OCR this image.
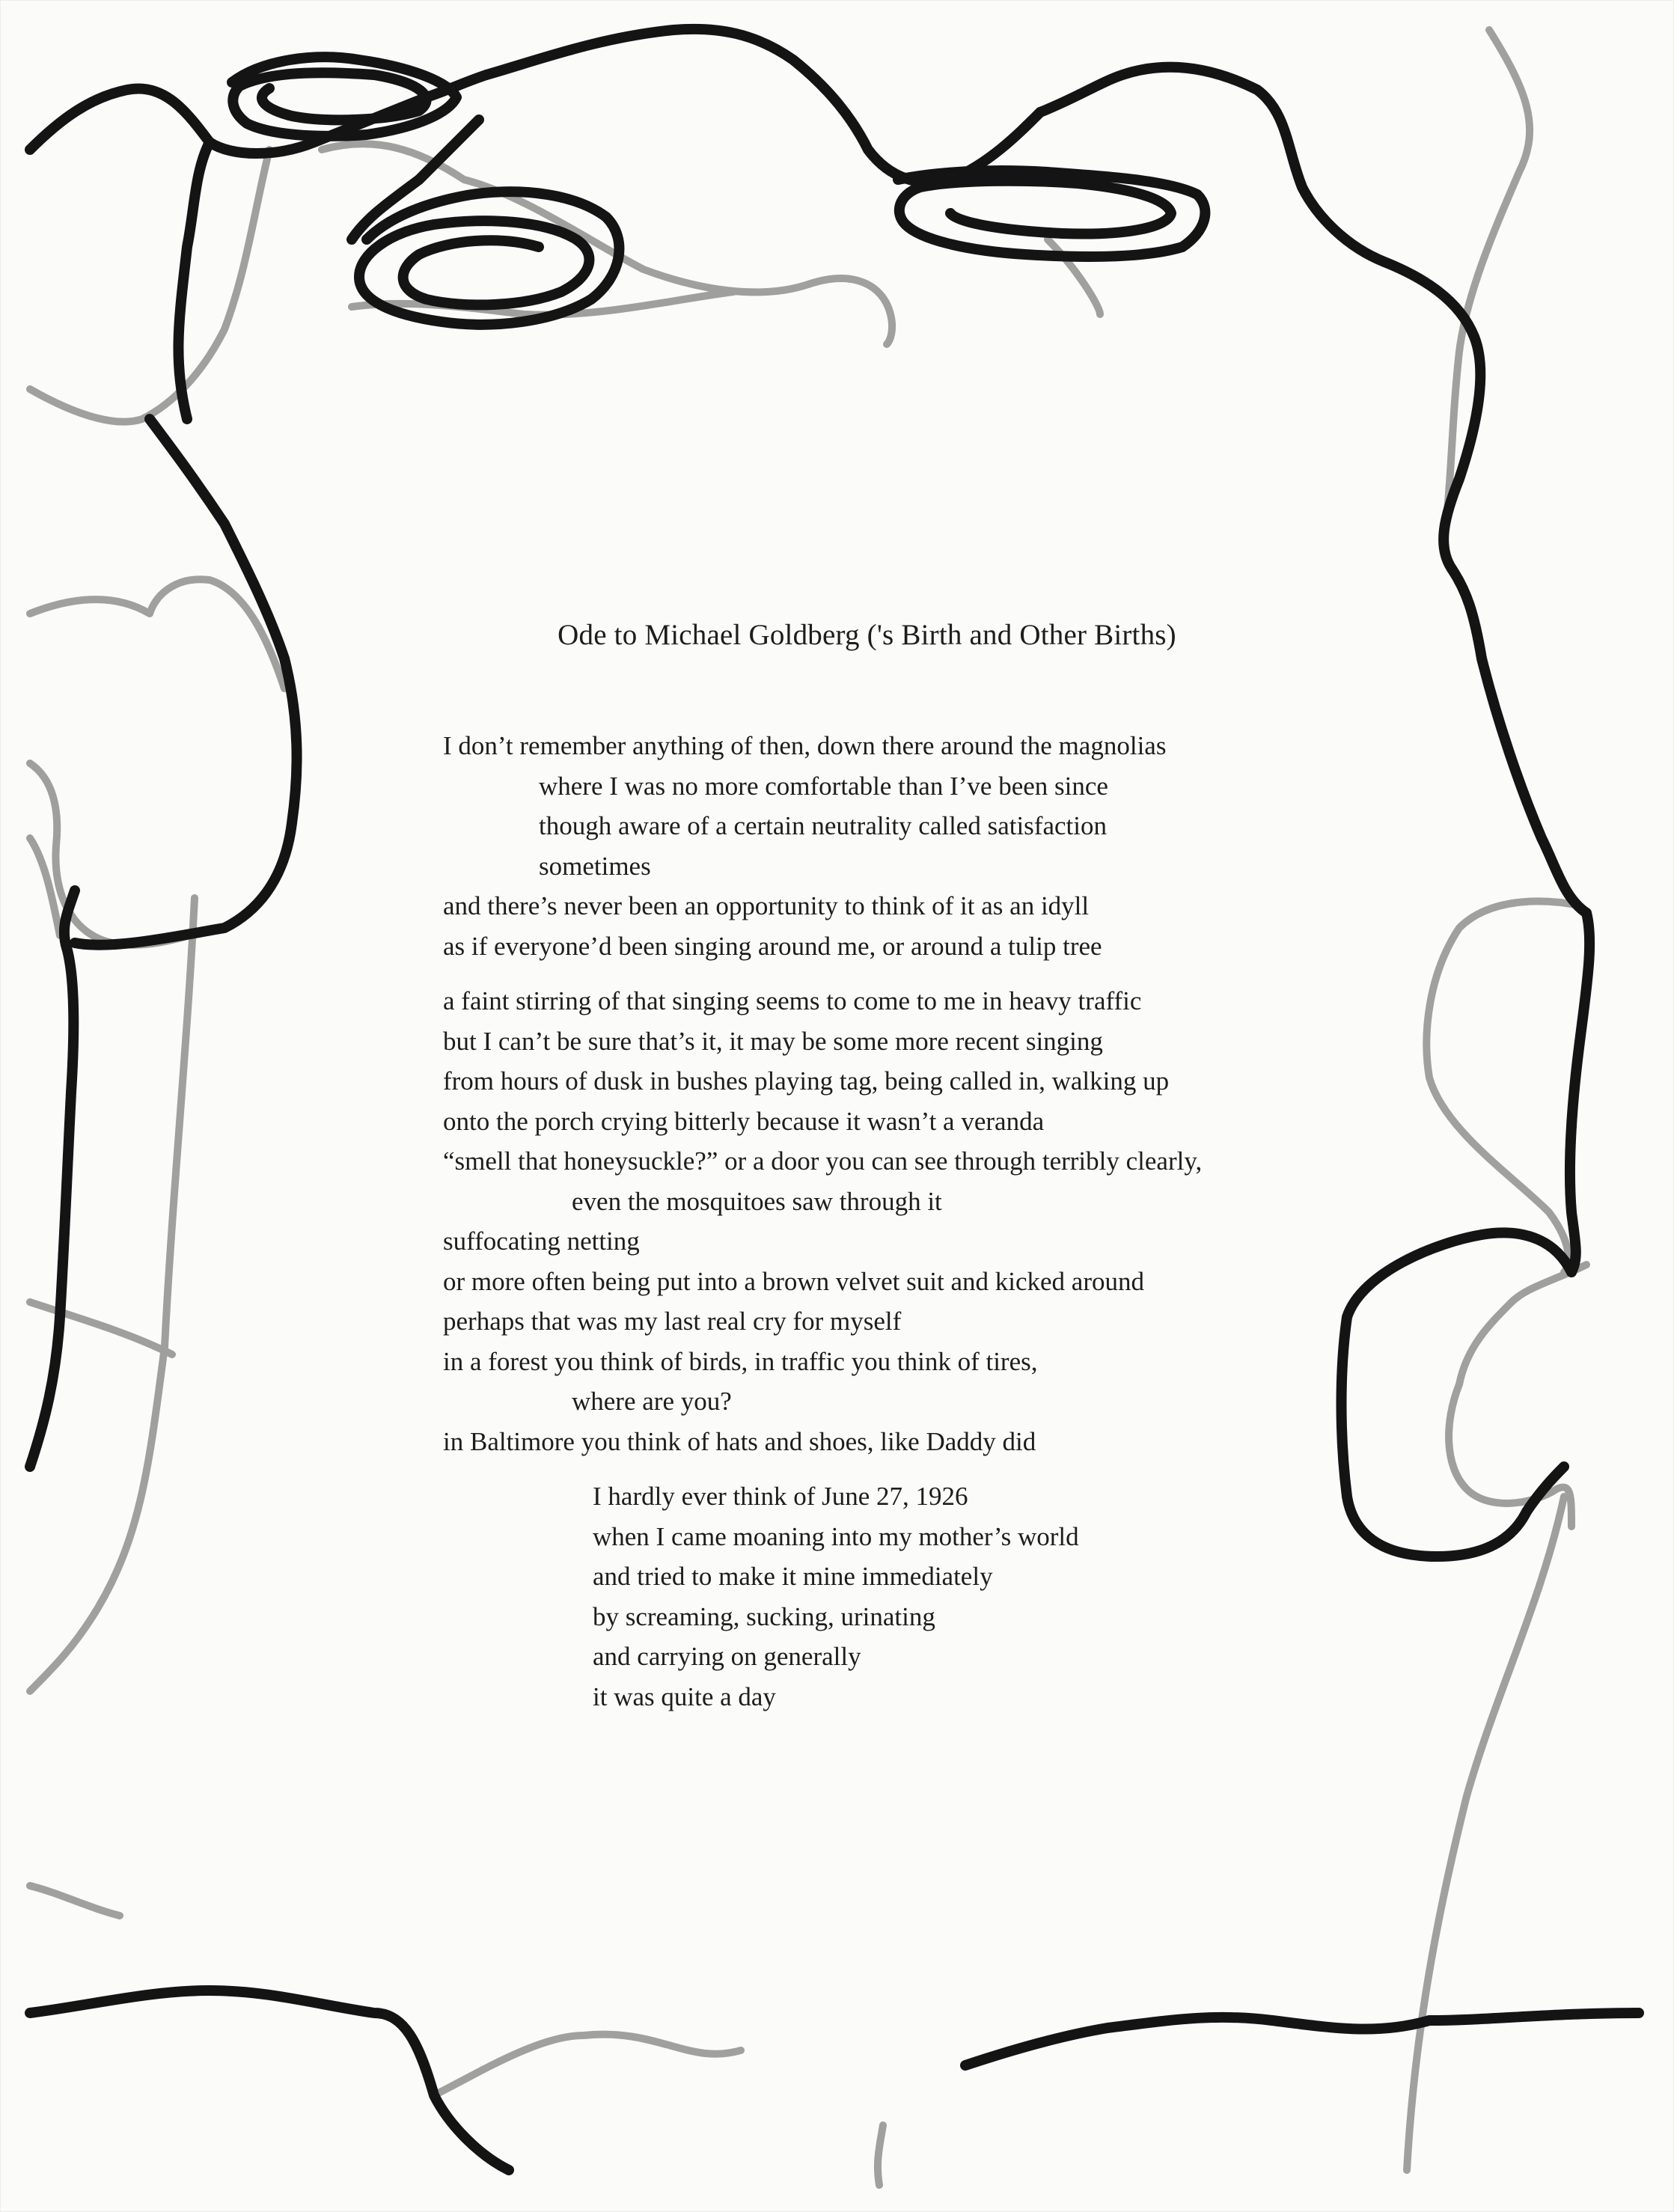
Ode to Michael Goldberg ('s Birth and Other Births)
I don’t remember anything of then, down there around the magnolias
where I was no more comfortable than I’ve been since
though aware of a certain neutrality called satisfaction
sometimes
and there’s never been an opportunity to think of it as an idyll
as if everyone’d been singing around me, or around a tulip tree
a faint stirring of that singing seems to come to me in heavy traffic
but I can’t be sure that’s it, it may be some more recent singing
from hours of dusk in bushes playing tag, being called in, walking up
onto the porch crying bitterly because it wasn’t a veranda
“smell that honeysuckle?” or a door you can see through terribly clearly,
even the mosquitoes saw through it
suffocating netting
or more often being put into a brown velvet suit and kicked around
perhaps that was my last real cry for myself
in a forest you think of birds, in traffic you think of tires,
where are you?
in Baltimore you think of hats and shoes, like Daddy did
I hardly ever think of June 27, 1926
when I came moaning into my mother’s world
and tried to make it mine immediately
by screaming, sucking, urinating
and carrying on generally
it was quite a day
